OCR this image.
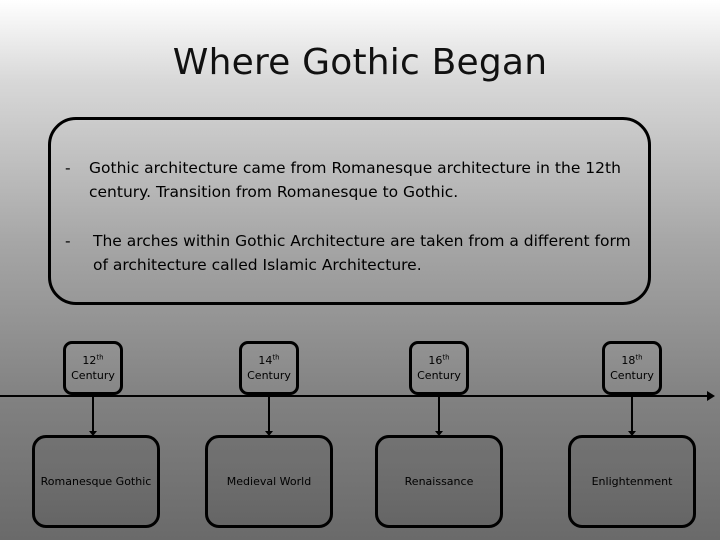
Where Gothic Began
-	Gothic architecture came from Romanesque architecture in the 12th century. Transition from Romanesque to Gothic.
-	The arches within Gothic Architecture are taken from a different form of architecture called Islamic Architecture.
12th
Century
14th
Century
16th
Century
18th
Century
Romanesque Gothic	Medieval World	Renaissance	Enlightenment
